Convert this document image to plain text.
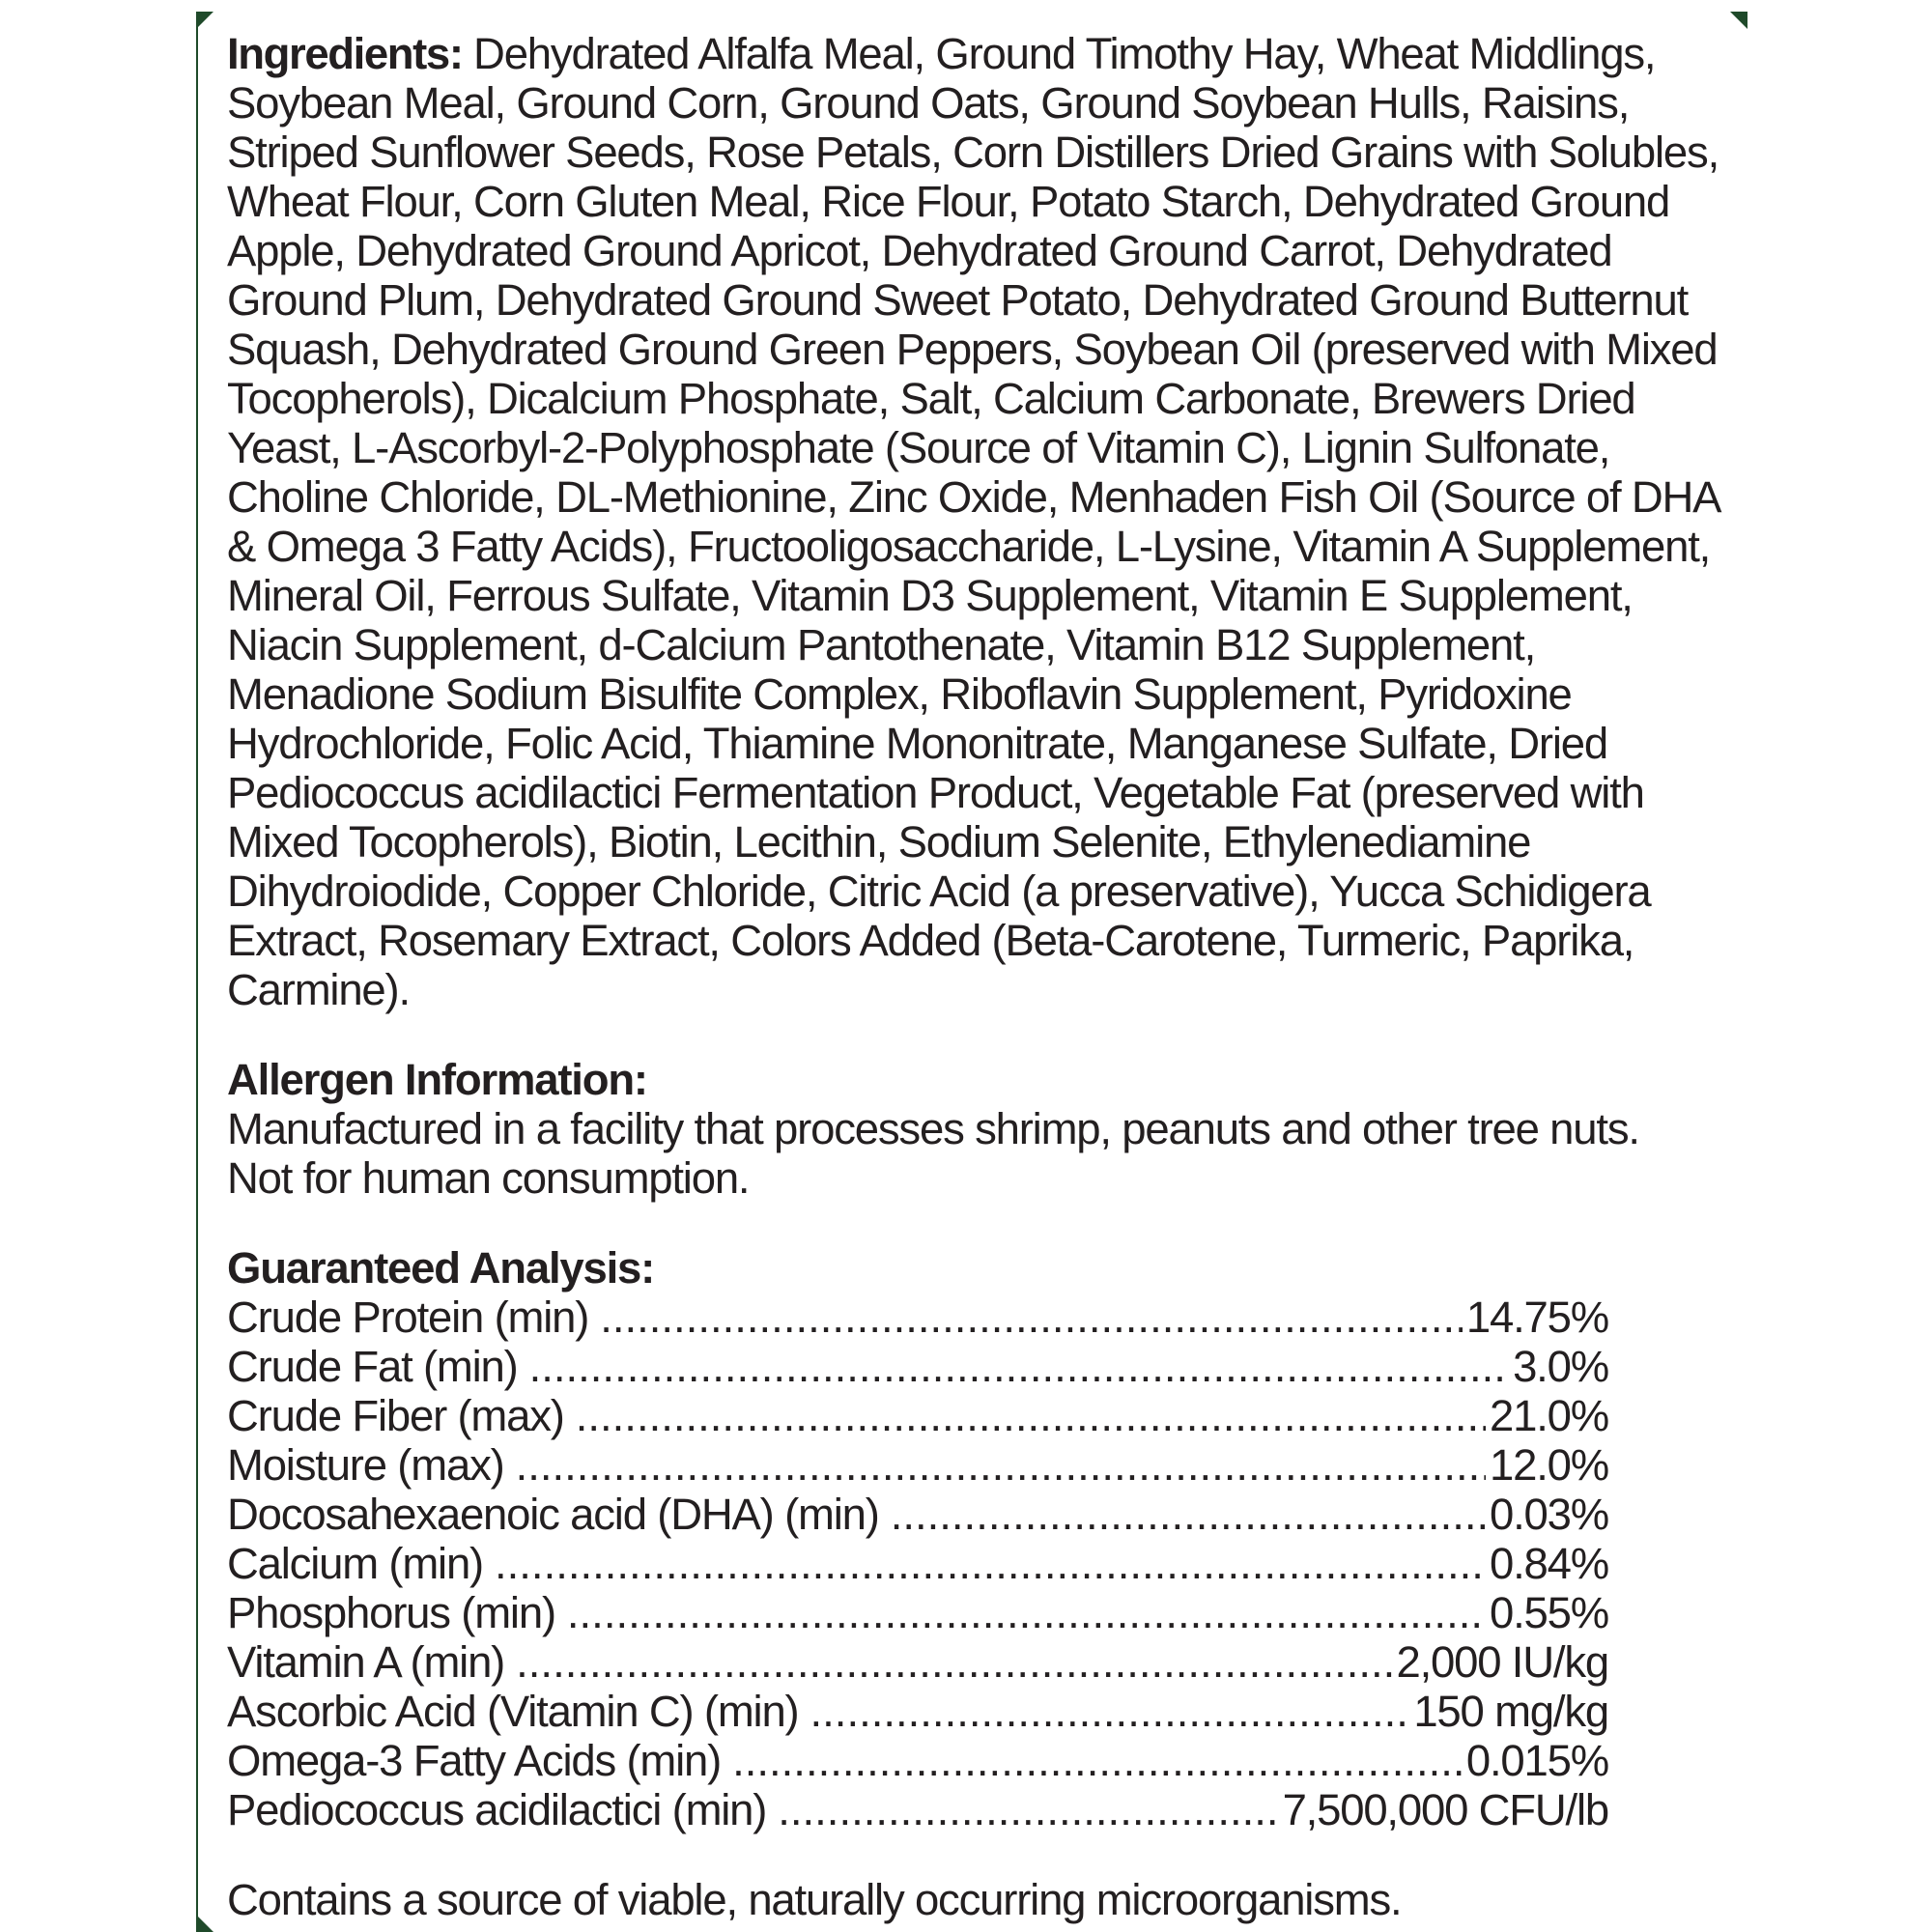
Ingredients: Dehydrated Alfalfa Meal, Ground Timothy Hay, Wheat Middlings, Soybean Meal, Ground Corn, Ground Oats, Ground Soybean Hulls, Raisins, Striped Sunflower Seeds, Rose Petals, Corn Distillers Dried Grains with Solubles, Wheat Flour, Corn Gluten Meal, Rice Flour, Potato Starch, Dehydrated Ground Apple, Dehydrated Ground Apricot, Dehydrated Ground Carrot, Dehydrated Ground Plum, Dehydrated Ground Sweet Potato, Dehydrated Ground Butternut Squash, Dehydrated Ground Green Peppers, Soybean Oil (preserved with Mixed Tocopherols), Dicalcium Phosphate, Salt, Calcium Carbonate, Brewers Dried Yeast, L-Ascorbyl-2-Polyphosphate (Source of Vitamin C), Lignin Sulfonate, Choline Chloride, DL-Methionine, Zinc Oxide, Menhaden Fish Oil (Source of DHA & Omega 3 Fatty Acids), Fructooligosaccharide, L-Lysine, Vitamin A Supplement, Mineral Oil, Ferrous Sulfate, Vitamin D3 Supplement, Vitamin E Supplement, Niacin Supplement, d-Calcium Pantothenate, Vitamin B12 Supplement, Menadione Sodium Bisulfite Complex, Riboflavin Supplement, Pyridoxine Hydrochloride, Folic Acid, Thiamine Mononitrate, Manganese Sulfate, Dried Pediococcus acidilactici Fermentation Product, Vegetable Fat (preserved with Mixed Tocopherols), Biotin, Lecithin, Sodium Selenite, Ethylenediamine Dihydroiodide, Copper Chloride, Citric Acid (a preservative), Yucca Schidigera Extract, Rosemary Extract, Colors Added (Beta-Carotene, Turmeric, Paprika, Carmine).

Allergen Information:
Manufactured in a facility that processes shrimp, peanuts and other tree nuts.
Not for human consumption.
Guaranteed Analysis:
Crude Protein (min) .....	14.75%
Crude Fat (min) .....	3.0%
Crude Fiber (max) .....	21.0%
Moisture (max) .....	12.0%
Docosahexaenoic acid (DHA) (min) .....	0.03%
Calcium (min) .....	0.84%
Phosphorus (min) .....	0.55%
Vitamin A (min) .....	2,000 IU/kg
Ascorbic Acid (Vitamin C) (min) .....	150 mg/kg
Omega-3 Fatty Acids (min) .....	0.015%
Pediococcus acidilactici (min) .....	7,500,000 CFU/lb

Contains a source of viable, naturally occurring microorganisms.
